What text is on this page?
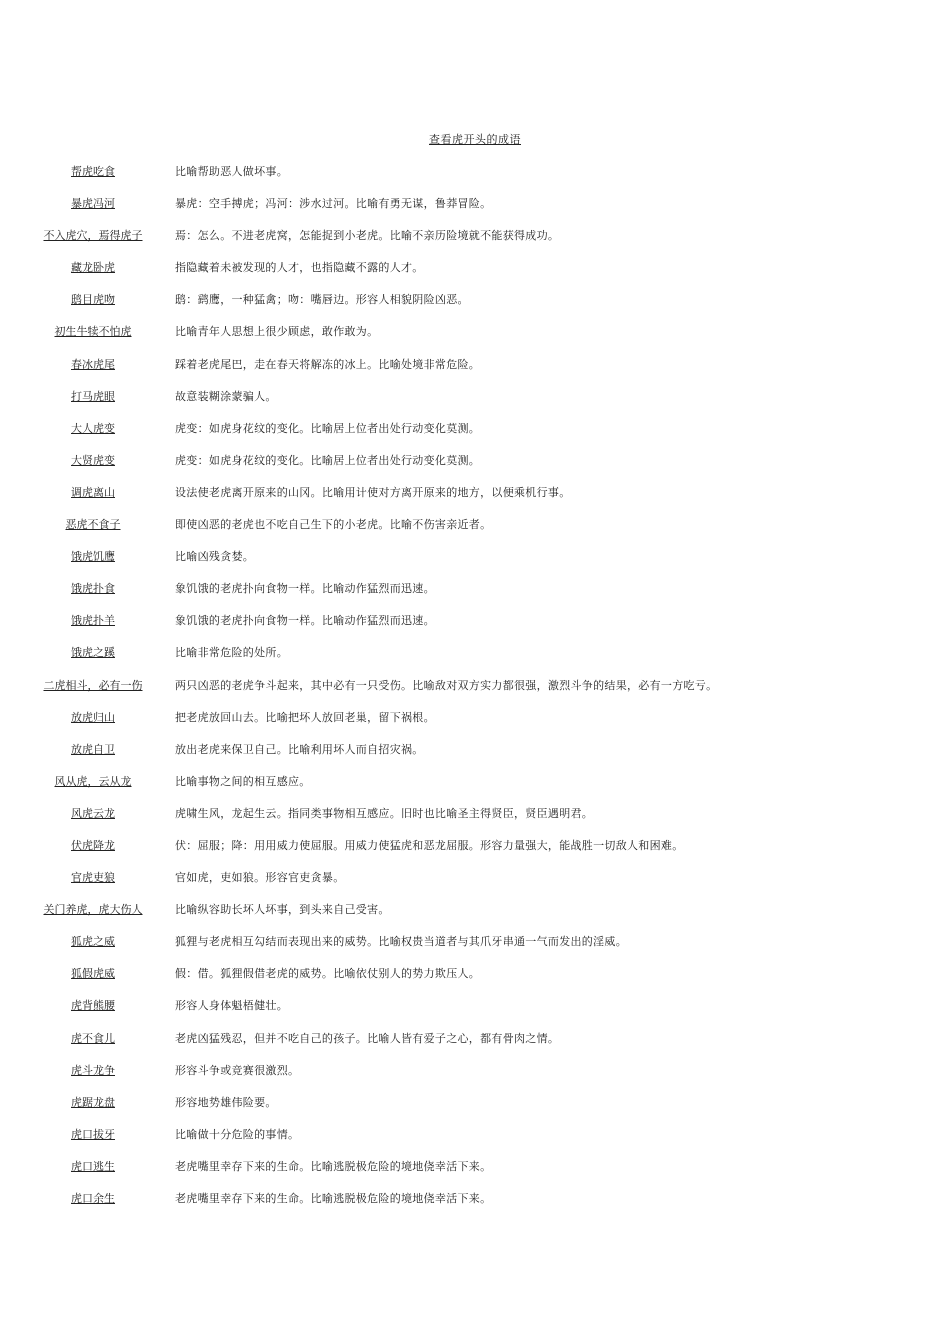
查看虎开头的成语
帮虎吃食	比喻帮助恶人做坏事。
暴虎冯河	暴虎：空手搏虎；冯河：涉水过河。比喻有勇无谋，鲁莽冒险。
不入虎穴，焉得虎子	焉：怎么。不进老虎窝，怎能捉到小老虎。比喻不亲历险境就不能获得成功。
藏龙卧虎	指隐藏着未被发现的人才，也指隐藏不露的人才。
鸱目虎吻	鸱：鹞鹰，一种猛禽；吻：嘴唇边。形容人相貌阴险凶恶。
初生牛犊不怕虎	比喻青年人思想上很少顾虑，敢作敢为。
春冰虎尾	踩着老虎尾巴，走在春天将解冻的冰上。比喻处境非常危险。
打马虎眼	故意装糊涂蒙骗人。
大人虎变	虎变：如虎身花纹的变化。比喻居上位者出处行动变化莫测。
大贤虎变	虎变：如虎身花纹的变化。比喻居上位者出处行动变化莫测。
调虎离山	设法使老虎离开原来的山冈。比喻用计使对方离开原来的地方，以便乘机行事。
恶虎不食子	即使凶恶的老虎也不吃自己生下的小老虎。比喻不伤害亲近者。
饿虎饥鹰	比喻凶残贪婪。
饿虎扑食	象饥饿的老虎扑向食物一样。比喻动作猛烈而迅速。
饿虎扑羊	象饥饿的老虎扑向食物一样。比喻动作猛烈而迅速。
饿虎之蹊	比喻非常危险的处所。
二虎相斗，必有一伤	两只凶恶的老虎争斗起来，其中必有一只受伤。比喻敌对双方实力都很强，激烈斗争的结果，必有一方吃亏。
放虎归山	把老虎放回山去。比喻把坏人放回老巢，留下祸根。
放虎自卫	放出老虎来保卫自己。比喻利用坏人而自招灾祸。
风从虎，云从龙	比喻事物之间的相互感应。
风虎云龙	虎啸生风，龙起生云。指同类事物相互感应。旧时也比喻圣主得贤臣，贤臣遇明君。
伏虎降龙	伏：屈服；降：用用威力使屈服。用威力使猛虎和恶龙屈服。形容力量强大，能战胜一切敌人和困难。
官虎吏狼	官如虎，吏如狼。形容官吏贪暴。
关门养虎，虎大伤人	比喻纵容助长坏人坏事，到头来自己受害。
狐虎之威	狐狸与老虎相互勾结而表现出来的威势。比喻权贵当道者与其爪牙串通一气而发出的淫威。
狐假虎威	假：借。狐狸假借老虎的威势。比喻依仗别人的势力欺压人。
虎背熊腰	形容人身体魁梧健壮。
虎不食儿	老虎凶猛残忍，但并不吃自己的孩子。比喻人皆有爱子之心，都有骨肉之情。
虎斗龙争	形容斗争或竞赛很激烈。
虎踞龙盘	形容地势雄伟险要。
虎口拔牙	比喻做十分危险的事情。
虎口逃生	老虎嘴里幸存下来的生命。比喻逃脱极危险的境地侥幸活下来。
虎口余生	老虎嘴里幸存下来的生命。比喻逃脱极危险的境地侥幸活下来。
